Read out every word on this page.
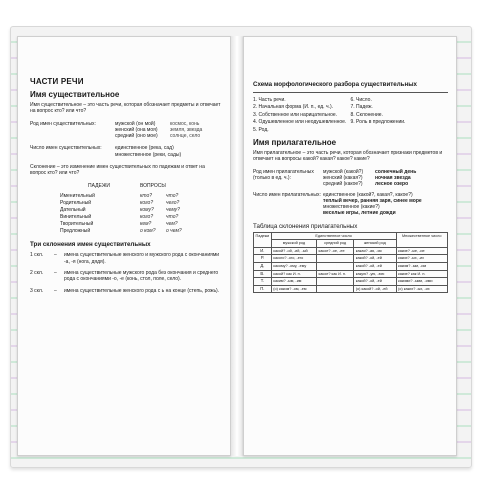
ЧАСТИ РЕЧИ
Имя существительное

Имя существительное – это часть речи, которая обозначает предметы и отвечает на вопрос кто? или что?

Род имен существительных:	мужской (он мой)	космос, конь
женский (она моя)	земля, звезда
средний (оно мое)	солнце, село
Число имен существительных:	единственное (река, сад)
множественное (реки, сады)

Склонение – это изменение имен существительных по падежам и ответ на вопрос кто? или что?

ПАДЕЖИ	ВОПРОСЫ
Именительный	кто?	что?
Родительный	кого?	чего?
Дательный	кому?	чему?
Винительный	кого?	что?
Творительный	кем?	чем?
Предложный	о ком?	о чем?
Три склонения имен существительных
1 скл.	–	имена существительные женского и мужского рода с окончаниями -а, -я (нога, дядя).
2 скл.	–	имена существительные мужского рода без окончания и среднего рода с окончаниями -о, -е (конь, стол, поле, село).
3 скл.	–	имена существительные женского рода с ь на конце (степь, рожь).
Схема морфологического разбора существительных
1. Часть речи.	6. Число.
2. Начальная форма (И. п., ед. ч.).	7. Падеж.
3. Собственное или нарицательное.	8. Склонение.
4. Одушевленное или неодушевленное. 9. Роль в предложении.
5. Род.
Имя прилагательное

Имя прилагательное – это часть речи, которая обозначает признаки предметов и отвечает на вопросы какой? какая? какое? какие?

Род имен прилагательных (только в ед. ч.):
мужской (какой?)	солнечный день
женский (какая?)	ночная звезда
средний (какое?)	лесное озеро
Число имен прилагательных: единственное (какой?, какая?, какое?)
теплый вечер, ранняя заря, синее море
множественное (какие?)
веселые игры, летние дожди
Таблица склонения прилагательных
Падежи	Единственное число			Множественное число
	мужской род	средний род	женский род	
И.	какой? -ой, -ий, -ый	какое? -ое, -ее	какая? -ая, -яя	какие? -ые, -ие
Р.	какого? -ого, -его		какой? -ой, -ей	каких? -ых, -их
Д.	какому? -ому, -ему		какой? -ой, -ей	каким? -ым, -им
В.	какой? как И. п.	какое? как И. п.	какую? -ую, -юю	какие? как И. п.
Т.	каким? -ым, -им		какой? -ой, -ей	какими? -ыми, -ими
П.	(о) каком? -ом, -ем		(о) какой? -ой, -ей	(о) каких? -ых, -их
